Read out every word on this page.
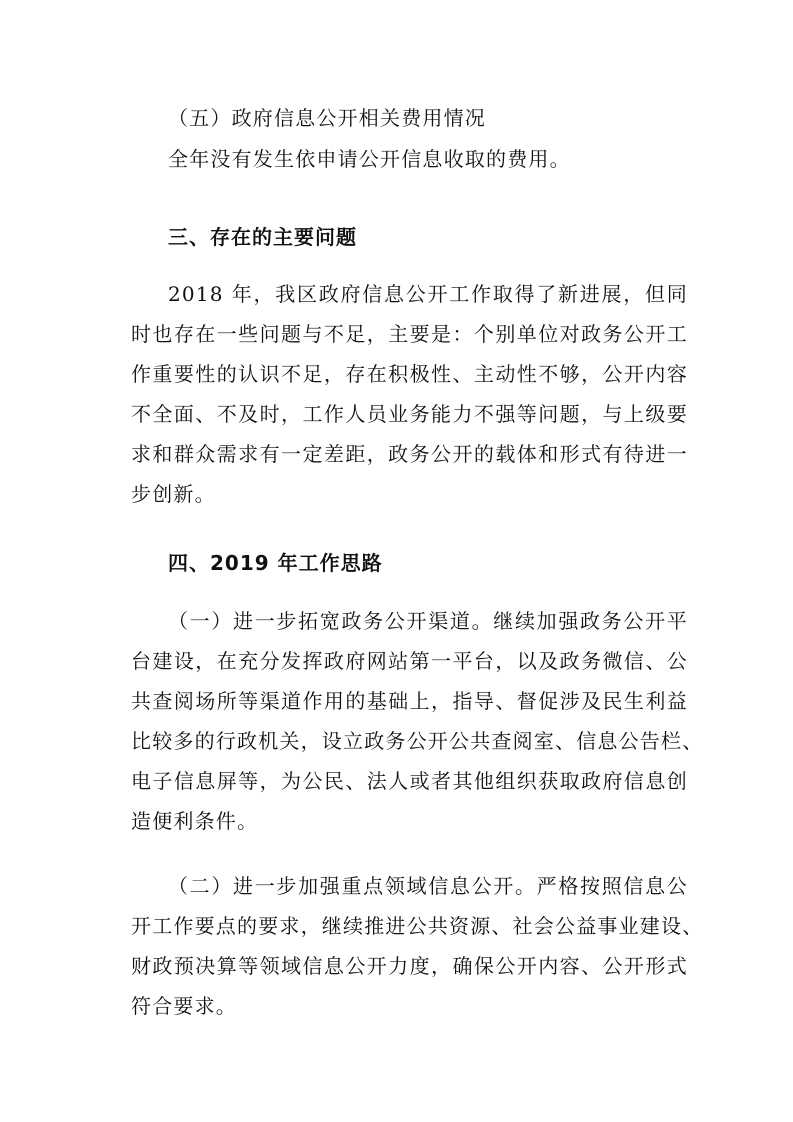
（五）政府信息公开相关费用情况
全年没有发生依申请公开信息收取的费用。
三、存在的主要问题
2018 年，我区政府信息公开工作取得了新进展，但同
时也存在一些问题与不足，主要是：个别单位对政务公开工
作重要性的认识不足，存在积极性、主动性不够，公开内容
不全面、不及时，工作人员业务能力不强等问题，与上级要
求和群众需求有一定差距，政务公开的载体和形式有待进一
步创新。
四、2019 年工作思路
（一）进一步拓宽政务公开渠道。继续加强政务公开平
台建设，在充分发挥政府网站第一平台，以及政务微信、公
共查阅场所等渠道作用的基础上，指导、督促涉及民生利益
比较多的行政机关，设立政务公开公共查阅室、信息公告栏、
电子信息屏等，为公民、法人或者其他组织获取政府信息创
造便利条件。
（二）进一步加强重点领域信息公开。严格按照信息公
开工作要点的要求，继续推进公共资源、社会公益事业建设、
财政预决算等领域信息公开力度，确保公开内容、公开形式
符合要求。
